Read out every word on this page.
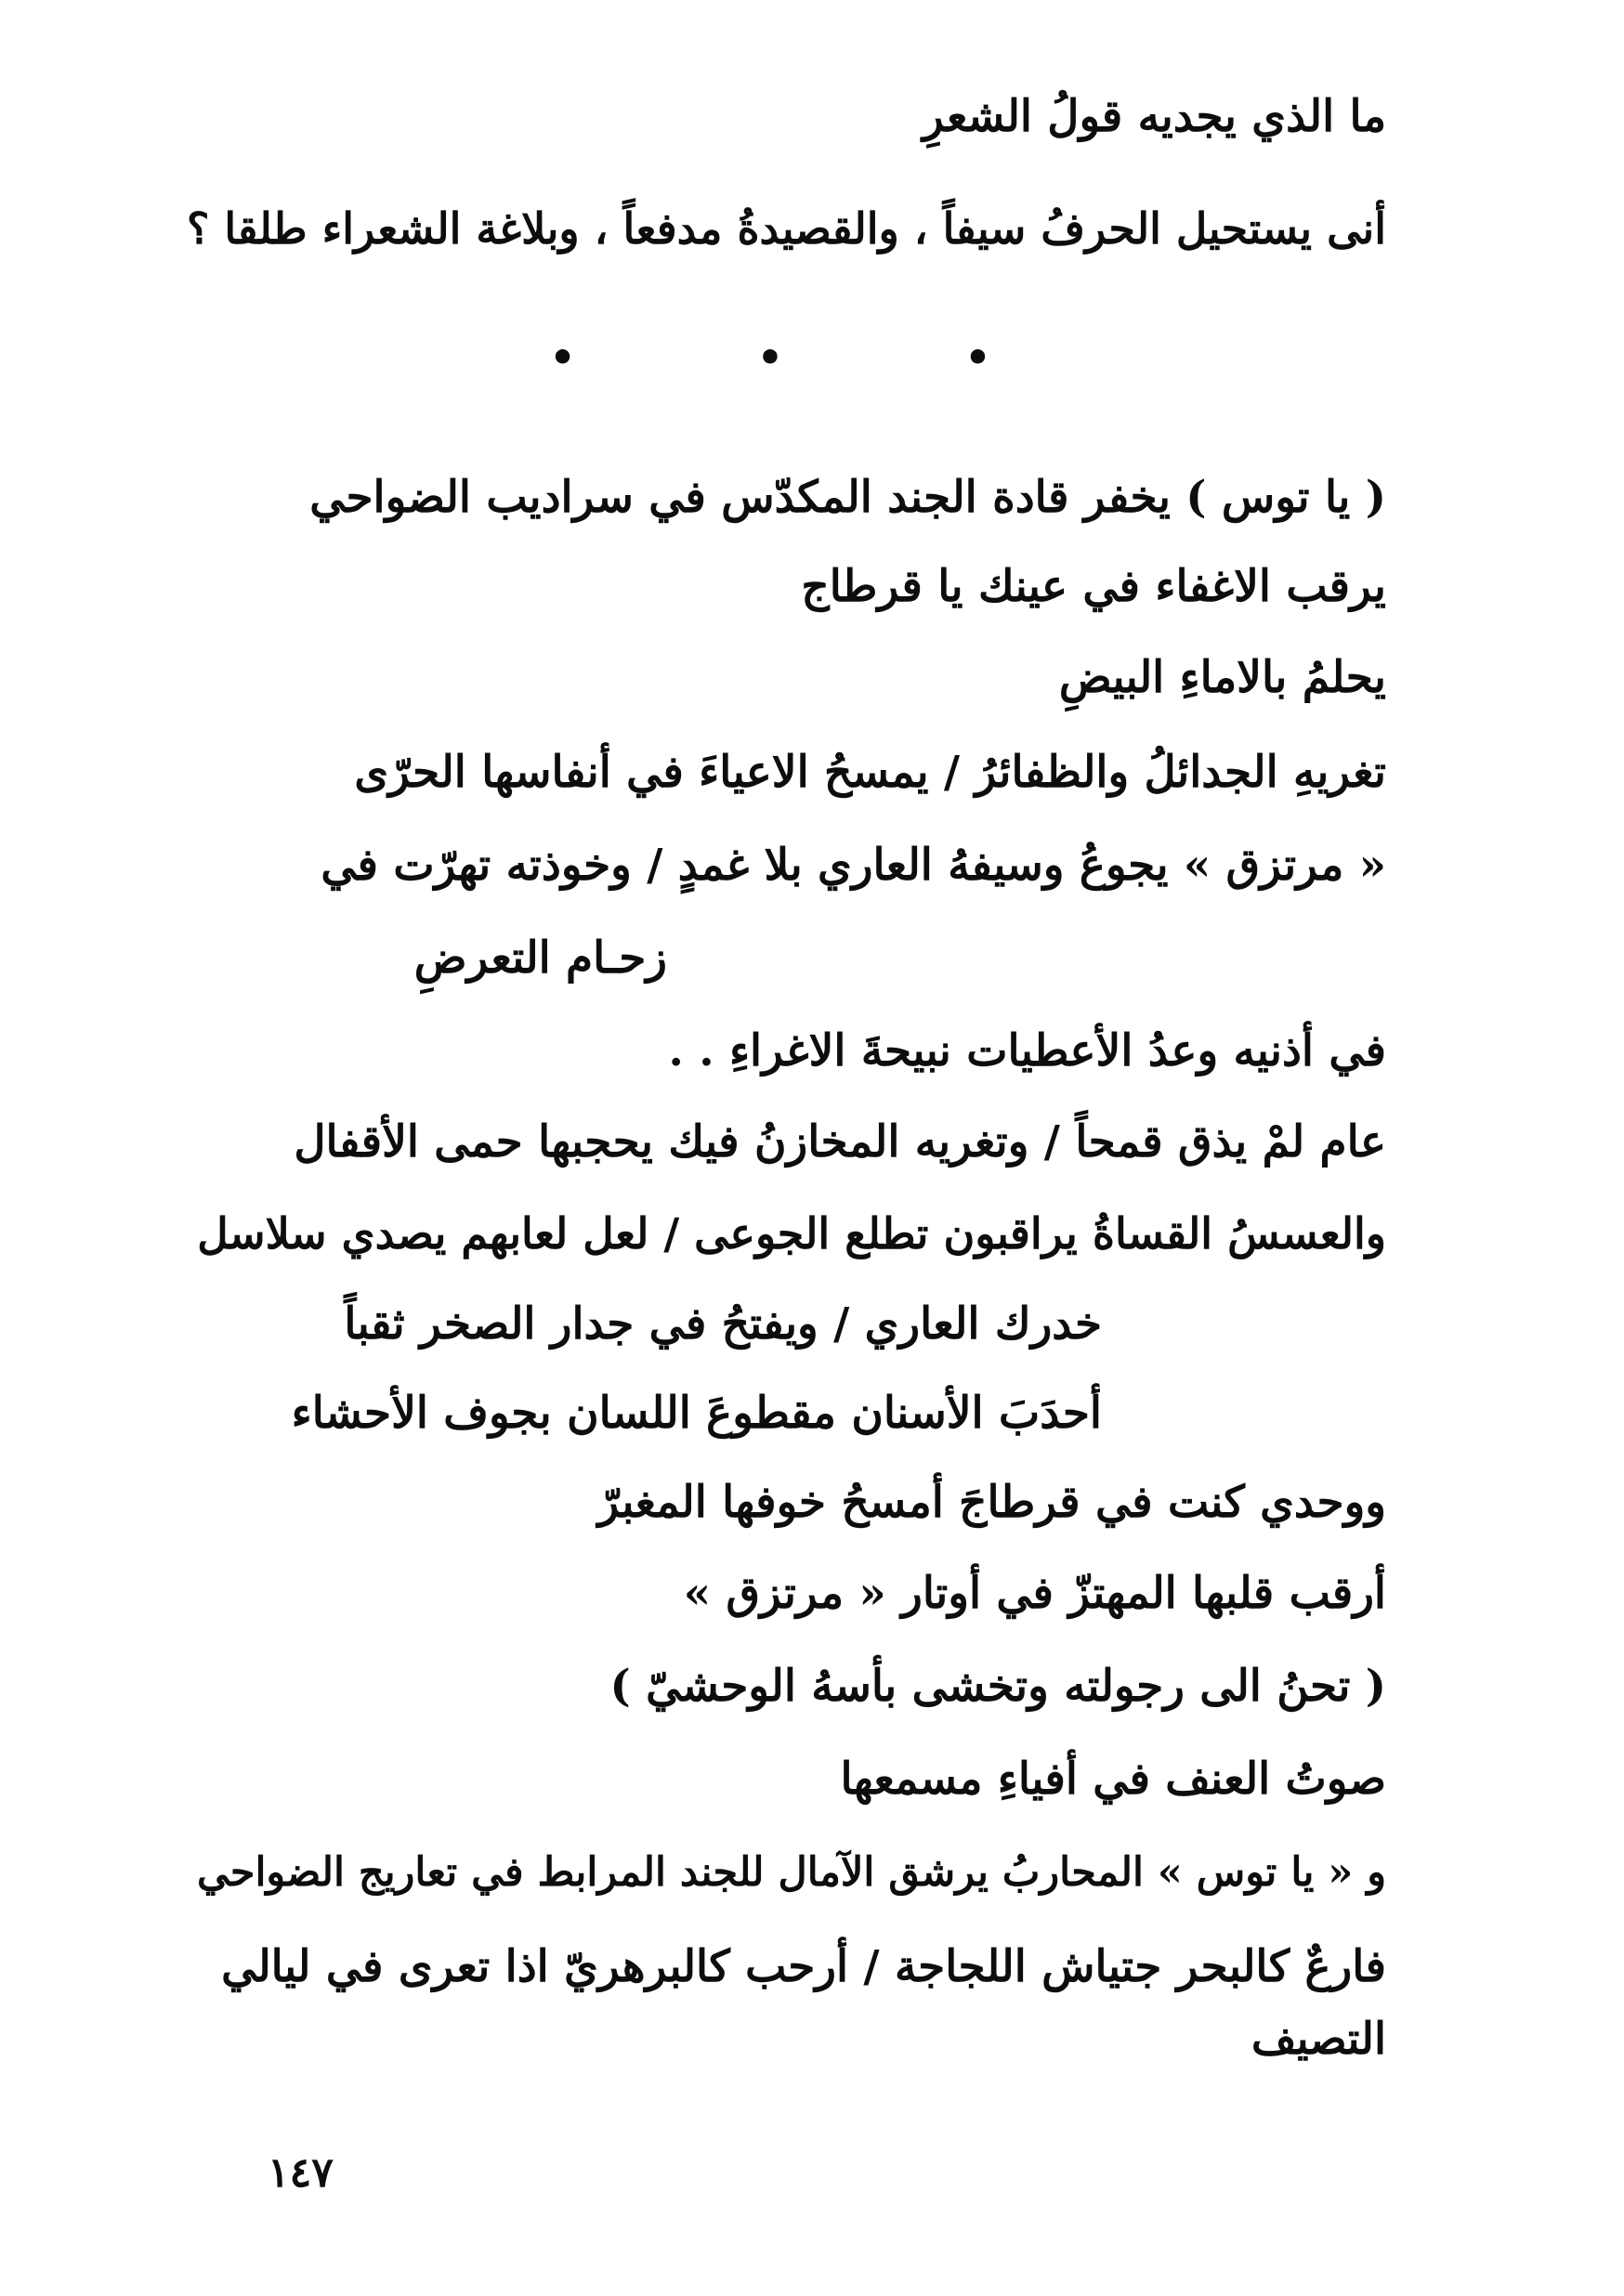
ما الذي يجديه قولُ الشعرِ
أنى يستحيل الحرفُ سيفاً ، والقصيدةُ مدفعاً ، وبلاغة الشعراء طلقا ؟
• • •
( يا توس ) يخفر قادة الجند المكدّس في سراديب الضواحي
يرقب الاغفاء في عينك يا قرطاج
يحلمُ بالاماءِ البيضِ
تغريهِ الجدائلُ والظفائرُ / يمسحُ الاعياءَ في أنفاسها الحرّى
« مرتزق » يجوعُ وسيفهُ العاري بلا غمدٍ / وخوذته تهرّت في
زحـام التعرضِ
في أذنيه وعدُ الأعطيات نبيحةَ الاغراءِ . .
عام لمْ يذق قمحاً / وتغريه المخازنُ فيك يحجبها حمى الأقفال
والعسسُ القساةُ يراقبون تطلع الجوعى / لعل لعابهم يصدي سلاسل
خدرك العاري / ويفتحُ في جدار الصخر ثقباً
أحدَبَ الأسنان مقطوعَ اللسان بجوف الأحشاء
ووحدي كنت في قرطاجَ أمسحُ خوفها المغبرّ
أرقب قلبها المهتزّ في أوتار « مرتزق »
( تحنُ الى رجولته وتخشى بأسهُ الوحشيّ )
صوتُ العنف في أفياءِ مسمعها
و « يا توس » المحاربُ يرشق الآمال للجند المرابط في تعاريج الضواحي
فارعٌ كالبحر جتياش اللجاجة / أرحب كالبرهريّ اذا تعرى في ليالي
التصيف
١٤٧
